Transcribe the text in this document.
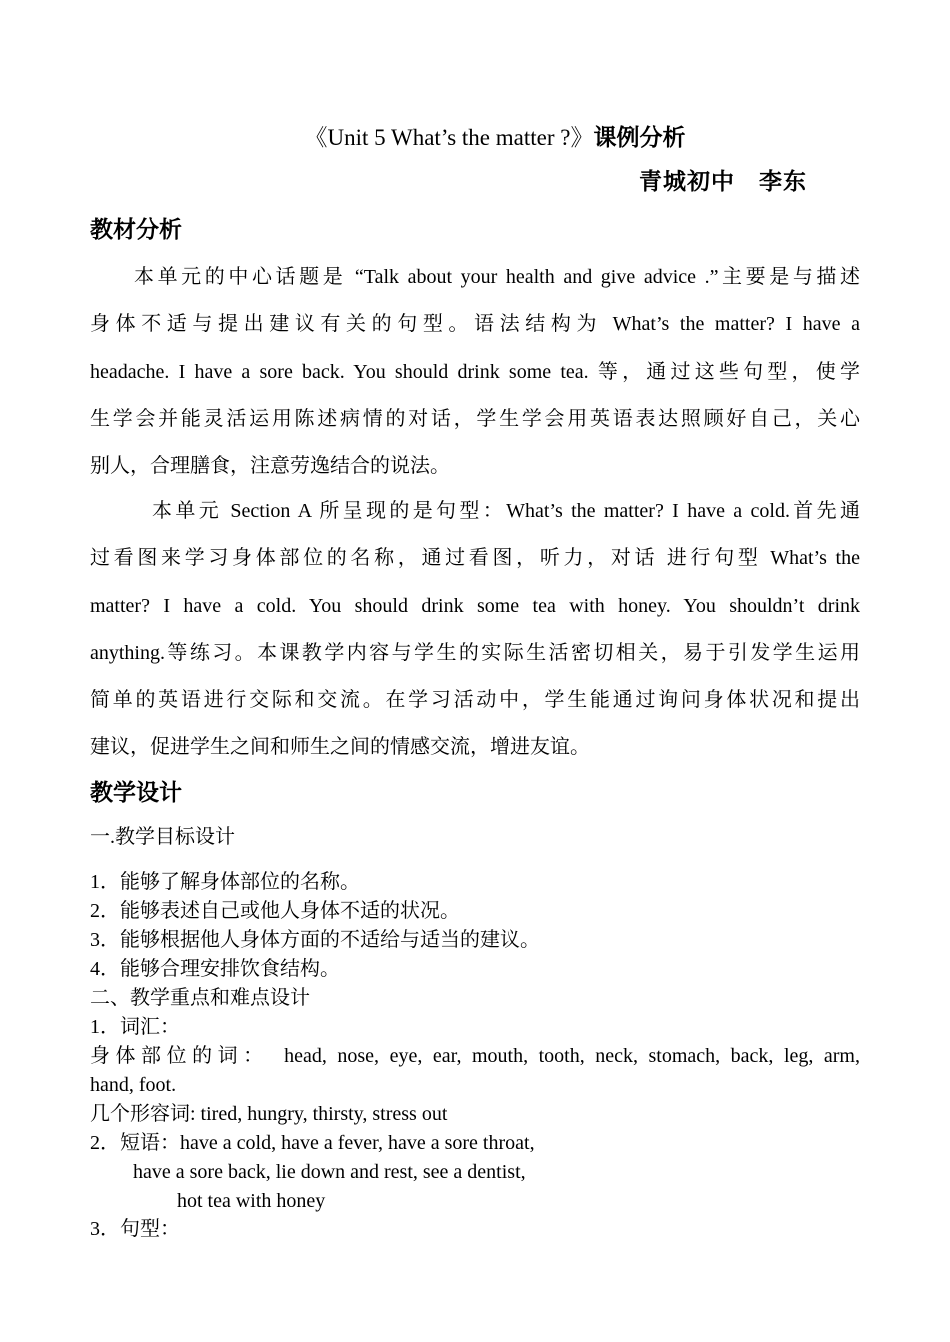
《Unit 5 What’s the matter ?》课例分析
青城初中　李东
教材分析
本单元的中心话题是 “Talk about your health and give advice .”主要是与描述
身体不适与提出建议有关的句型。语法结构为 What’s the matter? I have a
headache. I have a sore back. You should drink some tea. 等，通过这些句型，使学
生学会并能灵活运用陈述病情的对话，学生学会用英语表达照顾好自己，关心
别人，合理膳食，注意劳逸结合的说法。
本单元 Section A 所呈现的是句型：What’s the matter? I have a cold.首先通
过看图来学习身体部位的名称，通过看图，听力，对话 进行句型 What’s the
matter? I have a cold. You should drink some tea with honey. You shouldn’t drink
anything.等练习。本课教学内容与学生的实际生活密切相关，易于引发学生运用
简单的英语进行交际和交流。在学习活动中，学生能通过询问身体状况和提出
建议，促进学生之间和师生之间的情感交流，增进友谊。
教学设计
一.教学目标设计
1．能够了解身体部位的名称。
2．能够表述自己或他人身体不适的状况。
3．能够根据他人身体方面的不适给与适当的建议。
4．能够合理安排饮食结构。
二、教学重点和难点设计
1．词汇：
身体部位的词：　head, nose, eye, ear, mouth, tooth, neck, stomach, back, leg, arm,
hand, foot.
几个形容词: tired, hungry, thirsty, stress out
2．短语：have a cold, have a fever, have a sore throat,
have a sore back, lie down and rest, see a dentist,
hot tea with honey
3．句型：
